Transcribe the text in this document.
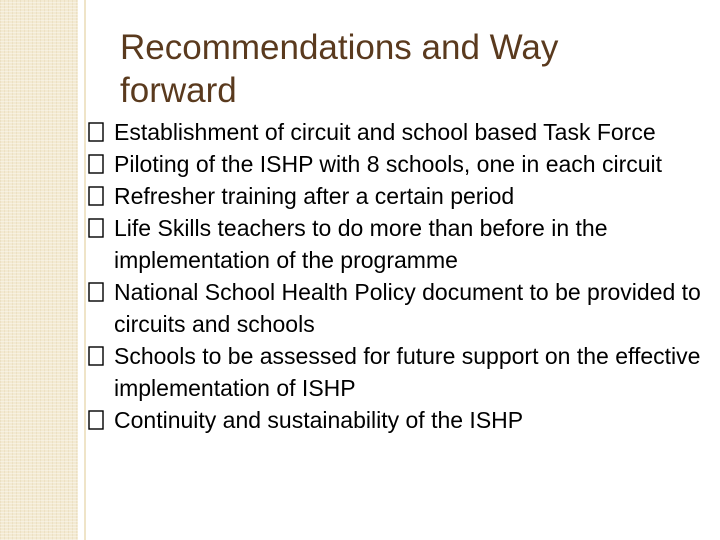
Recommendations and Way forward
Establishment of circuit and school based Task Force
Piloting of the ISHP with 8 schools, one in each circuit
Refresher training after a certain period
Life Skills teachers to do more than before in the implementation of the programme
National School Health Policy document to be provided to circuits and schools
Schools to be assessed for future support on the effective implementation of ISHP
Continuity and sustainability of the ISHP
